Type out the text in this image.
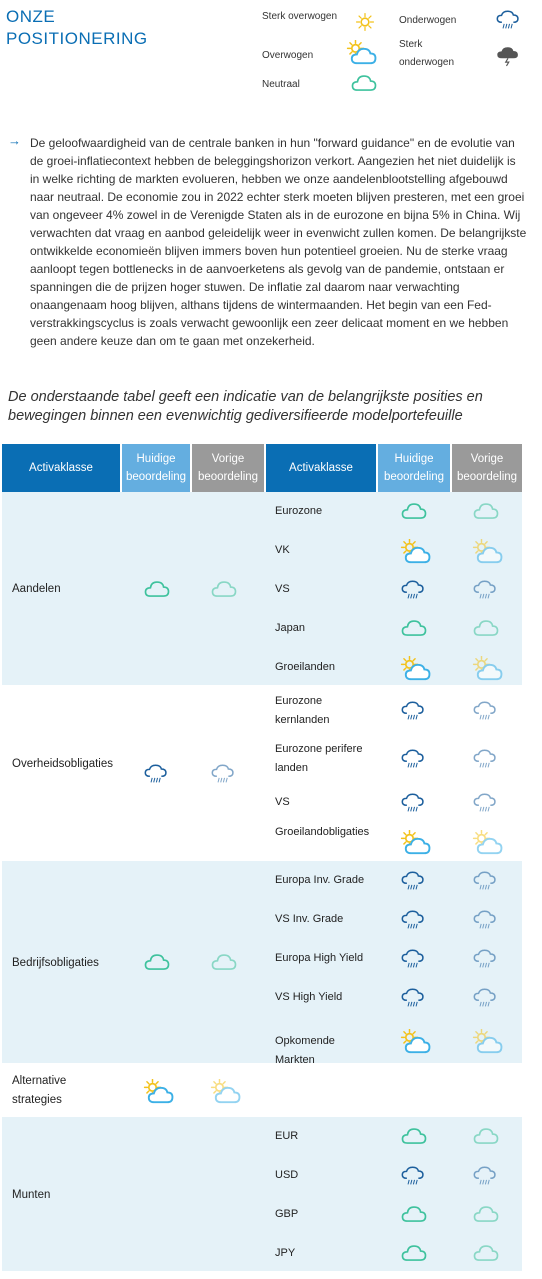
ONZE
POSITIONERING
Sterk overwogen
Overwogen
Neutraal
Onderwogen
Sterk onderwogen
→ De geloofwaardigheid van de centrale banken in hun "forward guidance" en de evolutie van de groei-inflatiecontext hebben de beleggingshorizon verkort. Aangezien het niet duidelijk is in welke richting de markten evolueren, hebben we onze aandelenblootstelling afgebouwd naar neutraal. De economie zou in 2022 echter sterk moeten blijven presteren, met een groei van ongeveer 4% zowel in de Verenigde Staten als in de eurozone en bijna 5% in China. Wij verwachten dat vraag en aanbod geleidelijk weer in evenwicht zullen komen. De belangrijkste ontwikkelde economieën blijven immers boven hun potentieel groeien. Nu de sterke vraag aanloopt tegen bottlenecks in de aanvoerketens als gevolg van de pandemie, ontstaan er spanningen die de prijzen hoger stuwen. De inflatie zal daarom naar verwachting onaangenaam hoog blijven, althans tijdens de wintermaanden. Het begin van een Fed-verstrakkingscyclus is zoals verwacht gewoonlijk een zeer delicaat moment en we hebben geen andere keuze dan om te gaan met onzekerheid.

De onderstaande tabel geeft een indicatie van de belangrijkste posities en bewegingen binnen een evenwichtig gediversifieerde modelportefeuille

Activaklasse
Huidige beoordeling
Vorige beoordeling
Activaklasse
Huidige beoordeling
Vorige beoordeling
Aandelen
Eurozone
VK
VS
Japan
Groeilanden
Overheidsobligaties
Eurozone kernlanden
Eurozone perifere landen
VS
Groeilandobligaties
Bedrijfsobligaties
Europa Inv. Grade
VS Inv. Grade
Europa High Yield
VS High Yield
Opkomende Markten
Alternative strategies
Munten
EUR
USD
GBP
JPY
